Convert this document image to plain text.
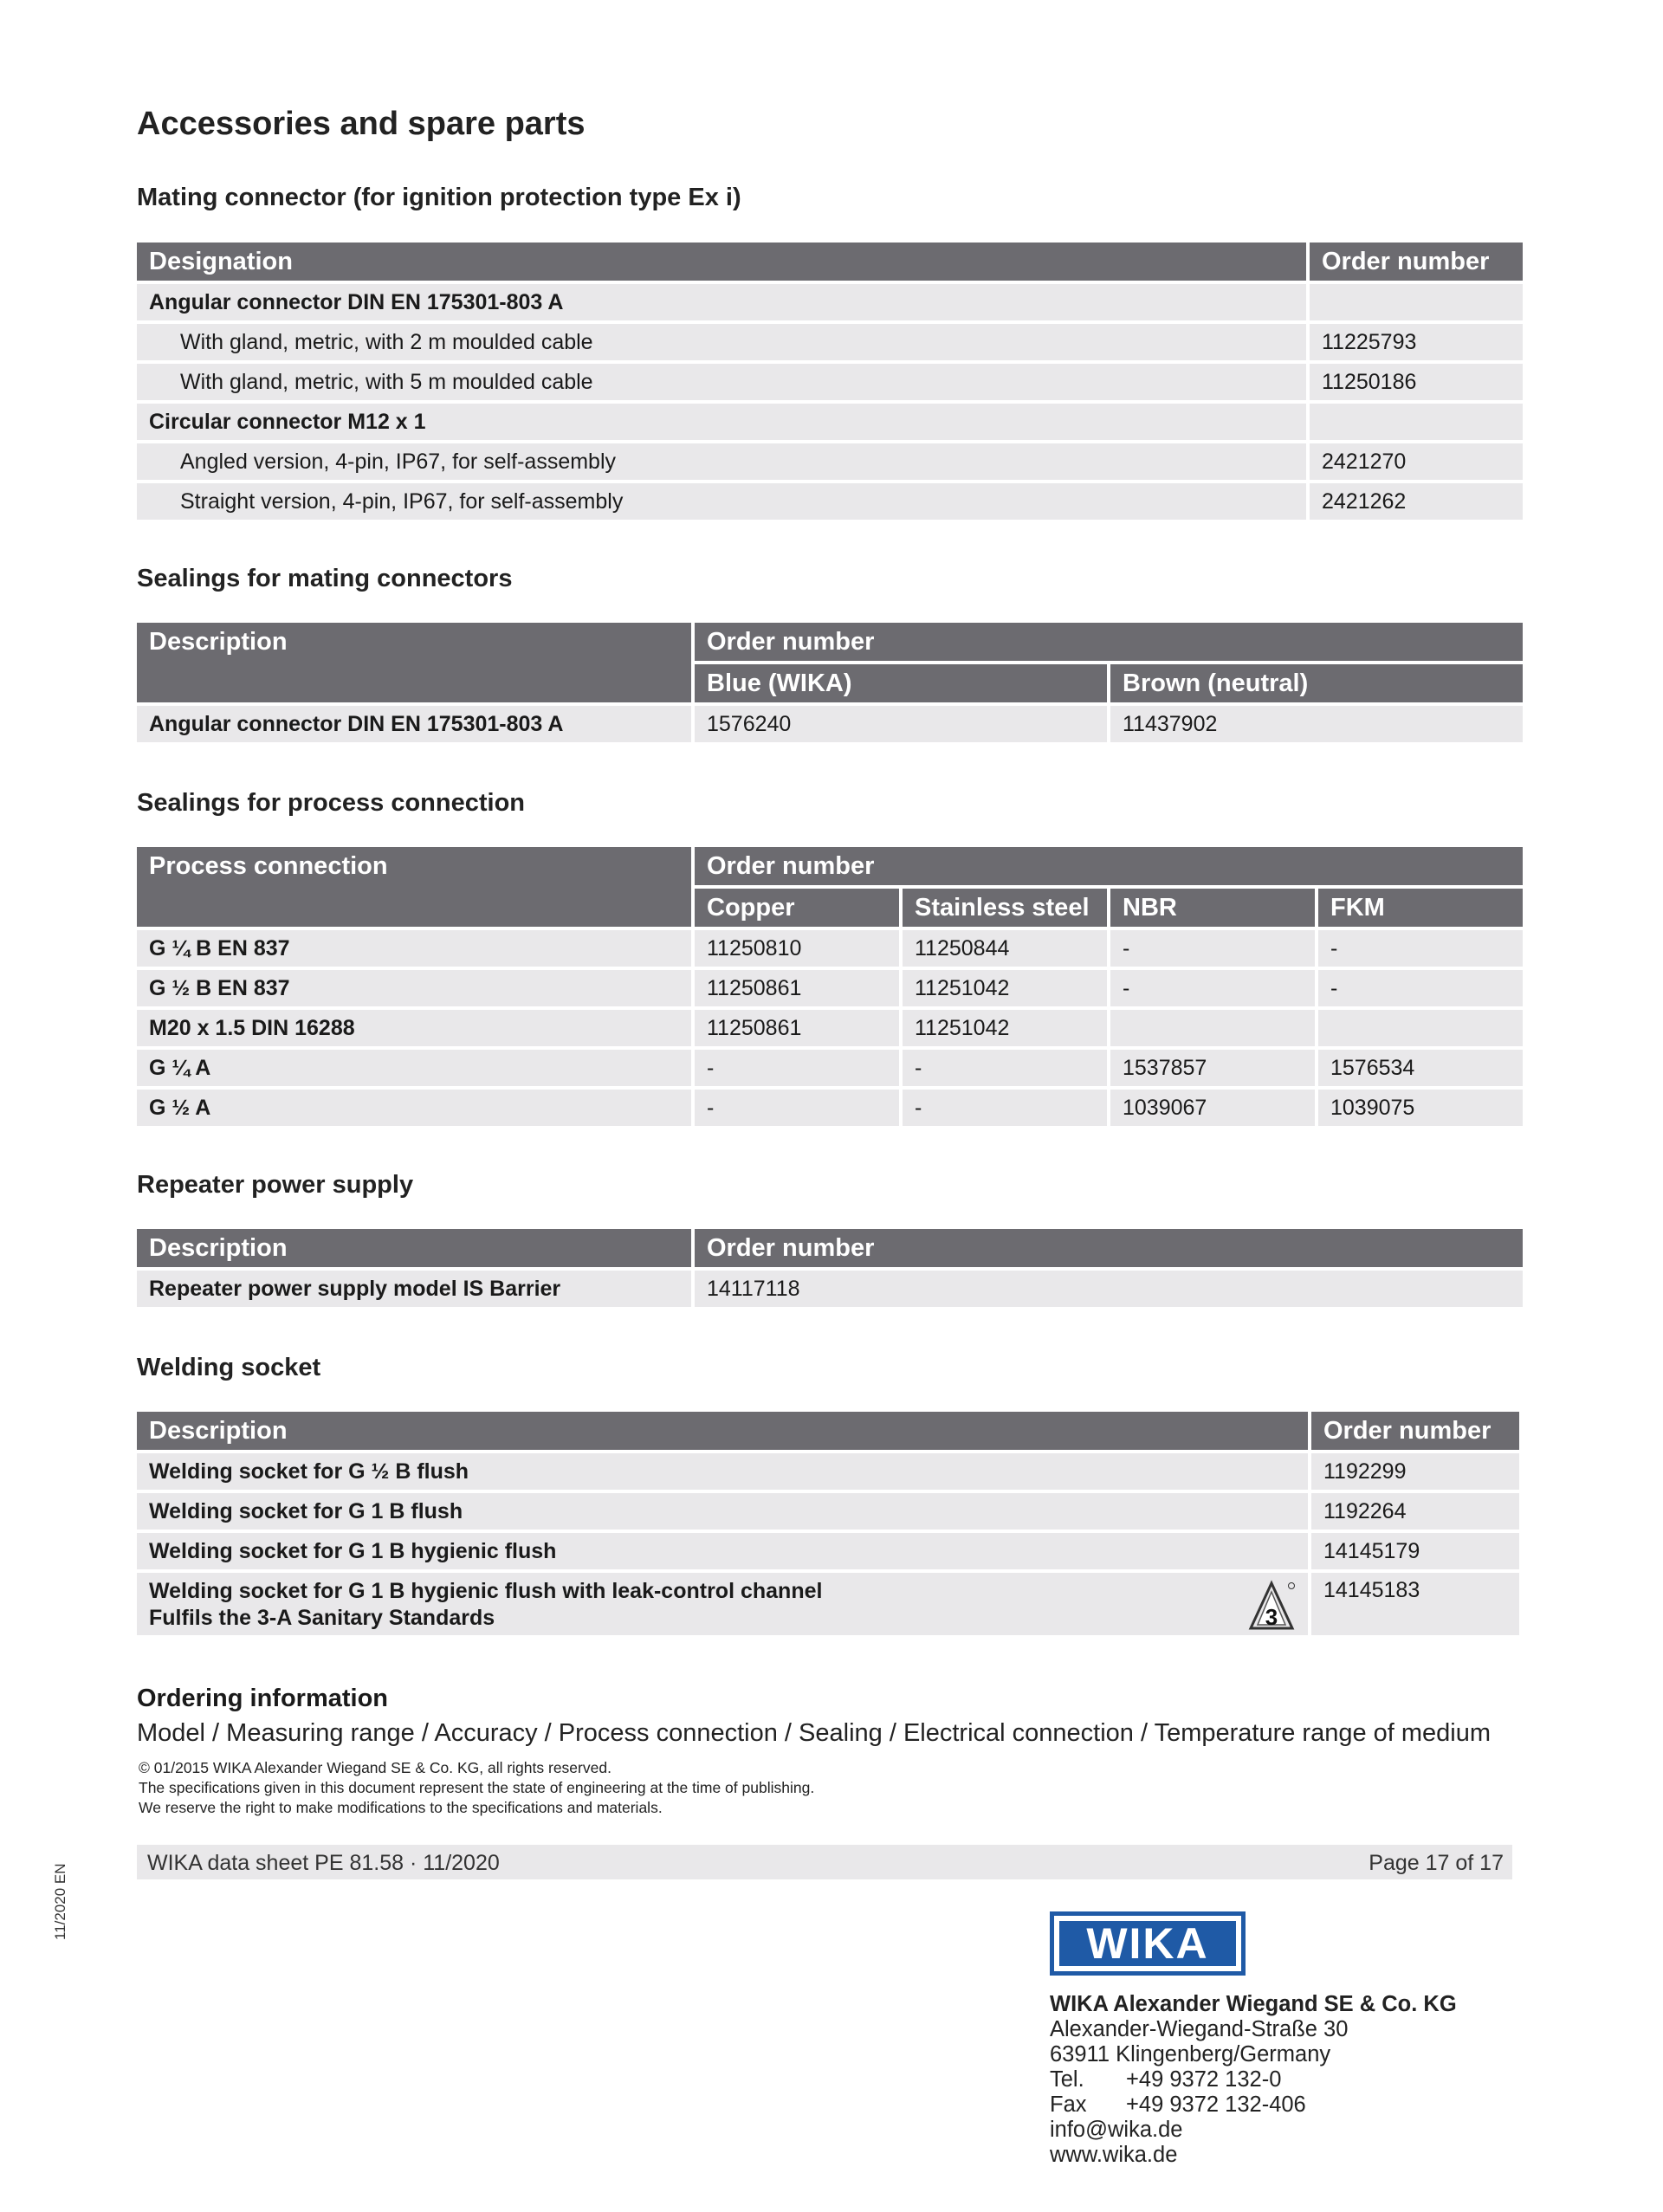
Accessories and spare parts
Mating connector (for ignition protection type Ex i)
Designation	Order number
Angular connector DIN EN 175301-803 A	
With gland, metric, with 2 m moulded cable	11225793
With gland, metric, with 5 m moulded cable	11250186
Circular connector M12 x 1	
Angled version, 4-pin, IP67, for self-assembly	2421270
Straight version, 4-pin, IP67, for self-assembly	2421262
Sealings for mating connectors
Description	Order number	
	Blue (WIKA)	Brown (neutral)
Angular connector DIN EN 175301-803 A	1576240	11437902
Sealings for process connection
Process connection	Order number			
	Copper	Stainless steel	NBR	FKM
G ¼ B EN 837	11250810	11250844	-	-
G ½ B EN 837	11250861	11251042	-	-
M20 x 1.5 DIN 16288	11250861	11251042		
G ¼ A	-	-	1537857	1576534
G ½ A	-	-	1039067	1039075
Repeater power supply
Description	Order number
Repeater power supply model IS Barrier	14117118
Welding socket
Description	Order number
Welding socket for G ½ B flush	1192299
Welding socket for G 1 B flush	1192264
Welding socket for G 1 B hygienic flush	14145179

Welding socket for G 1 B hygienic flush with leak-control channel
Fulfils the 3-A Sanitary Standards 3	14145183
Ordering information
Model / Measuring range / Accuracy / Process connection / Sealing / Electrical connection / Temperature range of medium
© 01/2015 WIKA Alexander Wiegand SE & Co. KG, all rights reserved.
The specifications given in this document represent the state of engineering at the time of publishing.
We reserve the right to make modifications to the specifications and materials.
WIKA data sheet PE 81.58 · 11/2020	Page 17 of 17
11/2020 EN
WIKA
WIKA Alexander Wiegand SE & Co. KG
Alexander-Wiegand-Straße 30
63911 Klingenberg/Germany
Tel. +49 9372 132-0
Fax +49 9372 132-406
info@wika.de
www.wika.de
